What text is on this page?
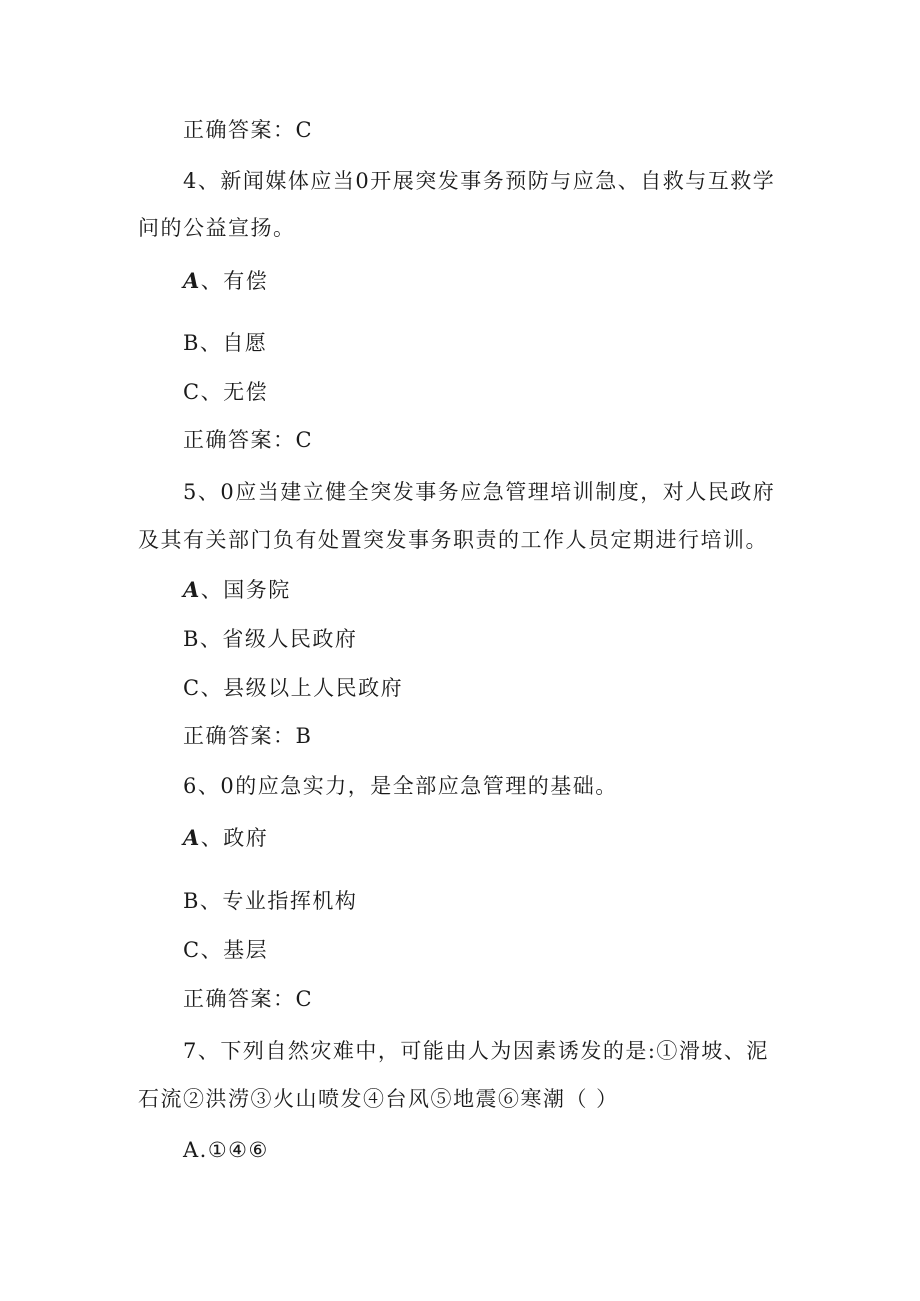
正确答案：C
4、新闻媒体应当0开展突发事务预防与应急、自救与互救学
问的公益宣扬。
A、有偿
B、自愿
C、无偿
正确答案：C
5、0应当建立健全突发事务应急管理培训制度，对人民政府
及其有关部门负有处置突发事务职责的工作人员定期进行培训。
A、国务院
B、省级人民政府
C、县级以上人民政府
正确答案：B
6、0的应急实力，是全部应急管理的基础。
A、政府
B、专业指挥机构
C、基层
正确答案：C
7、下列自然灾难中，可能由人为因素诱发的是:①滑坡、泥
石流②洪涝③火山喷发④台风⑤地震⑥寒潮（ ）
A.①④⑥
